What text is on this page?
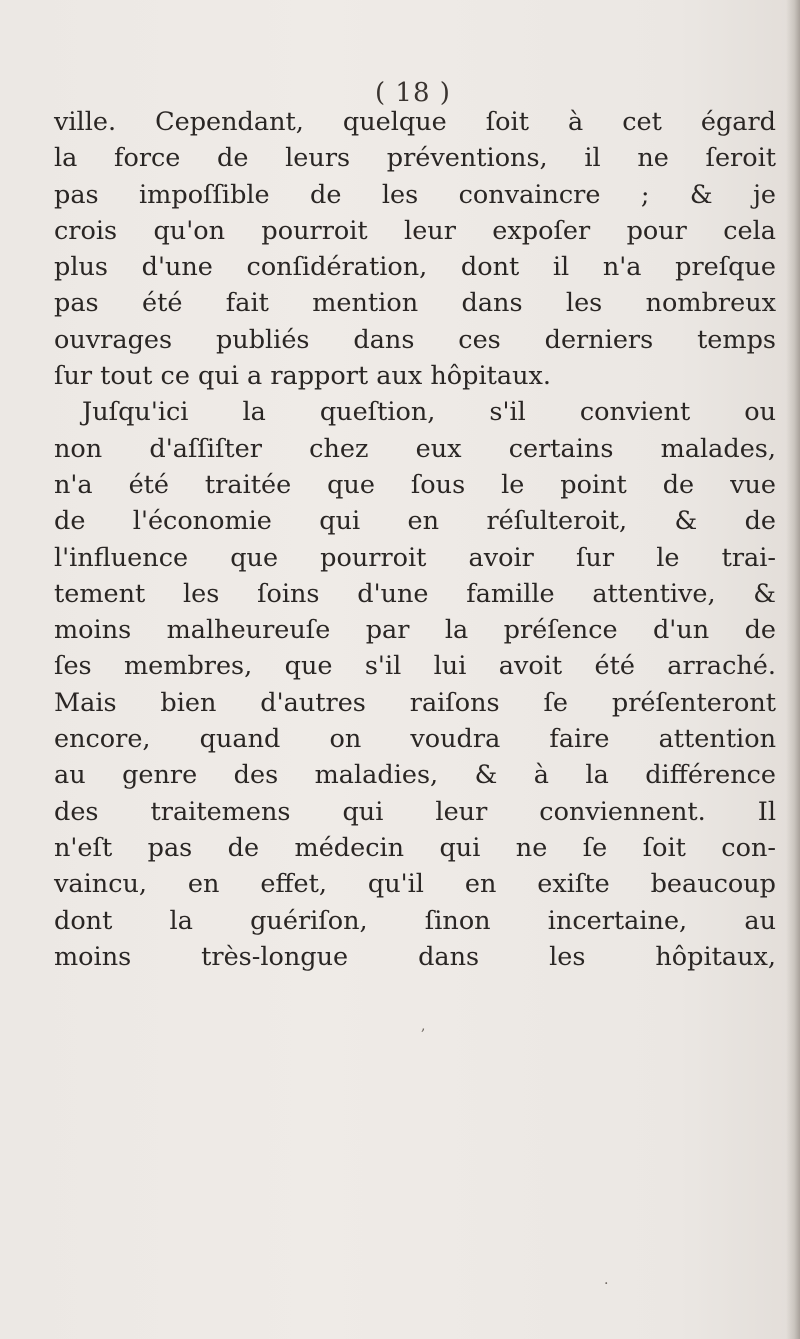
( 18 )
ville. Cependant, quelque ſoit à cet égard
la force de leurs préventions, il ne ſeroit
pas impoſſible de les convaincre ; & je
crois qu'on pourroit leur expoſer pour cela
plus d'une conſidération, dont il n'a preſque
pas été fait mention dans les nombreux
ouvrages publiés dans ces derniers temps
ſur tout ce qui a rapport aux hôpitaux.
Juſqu'ici la queſtion, s'il convient ou
non d'aſſiſter chez eux certains malades,
n'a été traitée que ſous le point de vue
de l'économie qui en réſulteroit, & de
l'influence que pourroit avoir ſur le trai-
tement les ſoins d'une famille attentive, &
moins malheureuſe par la préſence d'un de
ſes membres, que s'il lui avoit été arraché.
Mais bien d'autres raiſons ſe préſenteront
encore, quand on voudra faire attention
au genre des maladies, & à la différence
des traitemens qui leur conviennent. Il
n'eſt pas de médecin qui ne ſe ſoit con-
vaincu, en effet, qu'il en exiſte beaucoup
dont la guériſon, ſinon incertaine, au
moins très-longue dans les hôpitaux,
,
.
